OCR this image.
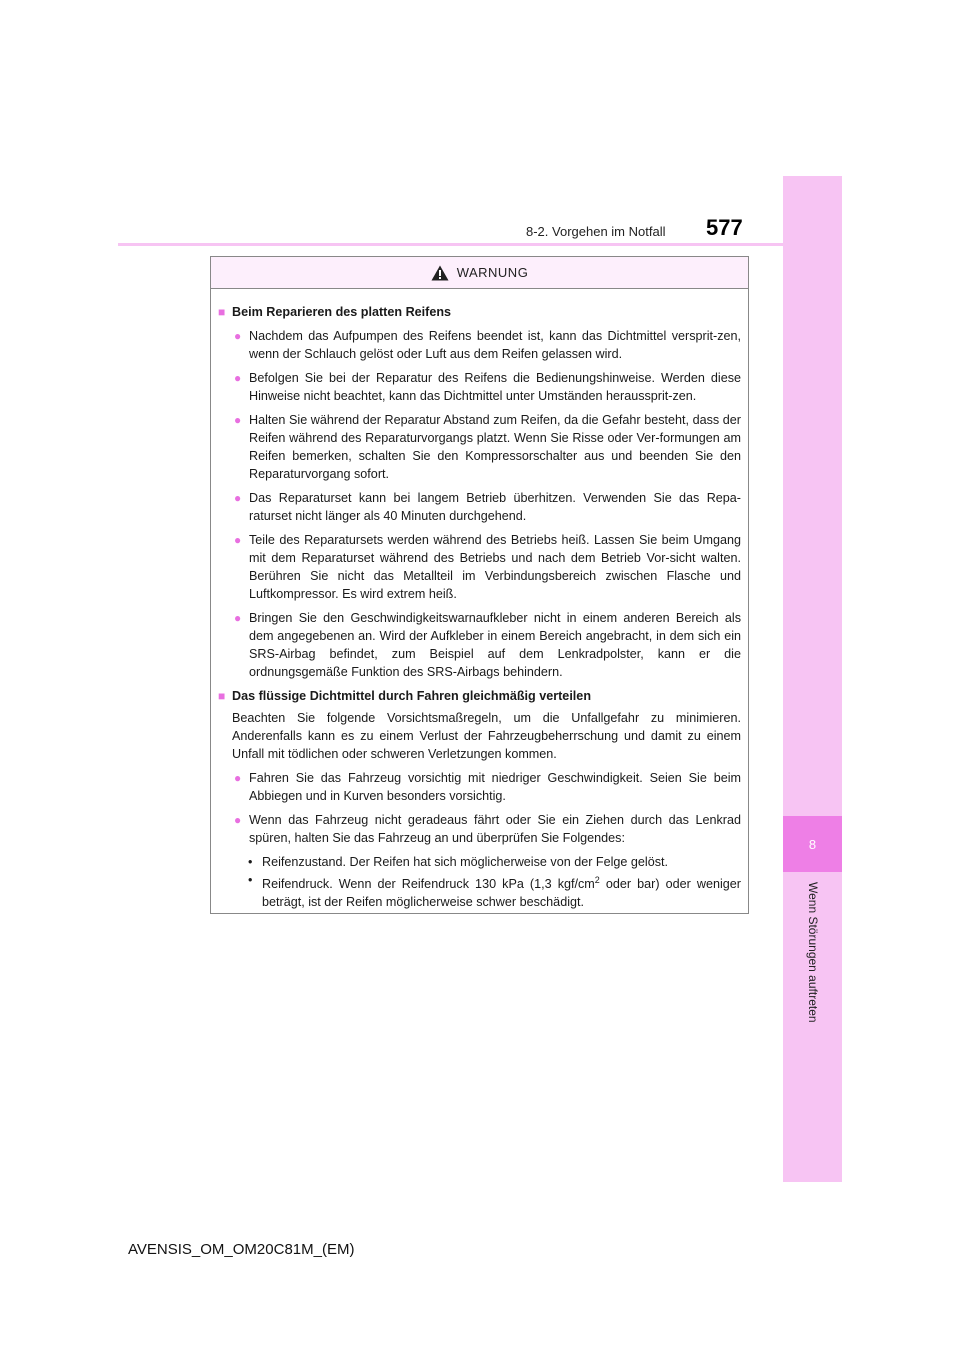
8
Wenn Störungen auftreten
8-2. Vorgehen im Notfall 577
WARNUNG
■ Beim Reparieren des platten Reifens
● Nachdem das Aufpumpen des Reifens beendet ist, kann das Dichtmittel versprit-zen, wenn der Schlauch gelöst oder Luft aus dem Reifen gelassen wird.
● Befolgen Sie bei der Reparatur des Reifens die Bedienungshinweise. Werden diese Hinweise nicht beachtet, kann das Dichtmittel unter Umständen heraussprit-zen.
● Halten Sie während der Reparatur Abstand zum Reifen, da die Gefahr besteht, dass der Reifen während des Reparaturvorgangs platzt. Wenn Sie Risse oder Ver-formungen am Reifen bemerken, schalten Sie den Kompressorschalter aus und beenden Sie den Reparaturvorgang sofort.
● Das Reparaturset kann bei langem Betrieb überhitzen. Verwenden Sie das Repa-raturset nicht länger als 40 Minuten durchgehend.
● Teile des Reparatursets werden während des Betriebs heiß. Lassen Sie beim Umgang mit dem Reparaturset während des Betriebs und nach dem Betrieb Vor-sicht walten. Berühren Sie nicht das Metallteil im Verbindungsbereich zwischen Flasche und Luftkompressor. Es wird extrem heiß.
● Bringen Sie den Geschwindigkeitswarnaufkleber nicht in einem anderen Bereich als dem angegebenen an. Wird der Aufkleber in einem Bereich angebracht, in dem sich ein SRS-Airbag befindet, zum Beispiel auf dem Lenkradpolster, kann er die ordnungsgemäße Funktion des SRS-Airbags behindern.
■ Das flüssige Dichtmittel durch Fahren gleichmäßig verteilen
Beachten Sie folgende Vorsichtsmaßregeln, um die Unfallgefahr zu minimieren. Anderenfalls kann es zu einem Verlust der Fahrzeugbeherrschung und damit zu einem Unfall mit tödlichen oder schweren Verletzungen kommen.
● Fahren Sie das Fahrzeug vorsichtig mit niedriger Geschwindigkeit. Seien Sie beim Abbiegen und in Kurven besonders vorsichtig.
● Wenn das Fahrzeug nicht geradeaus fährt oder Sie ein Ziehen durch das Lenkrad spüren, halten Sie das Fahrzeug an und überprüfen Sie Folgendes:
• Reifenzustand. Der Reifen hat sich möglicherweise von der Felge gelöst.
• Reifendruck. Wenn der Reifendruck 130 kPa (1,3 kgf/$cm^2$ oder bar) oder weniger beträgt, ist der Reifen möglicherweise schwer beschädigt.
AVENSIS_OM_OM20C81M_(EM)
